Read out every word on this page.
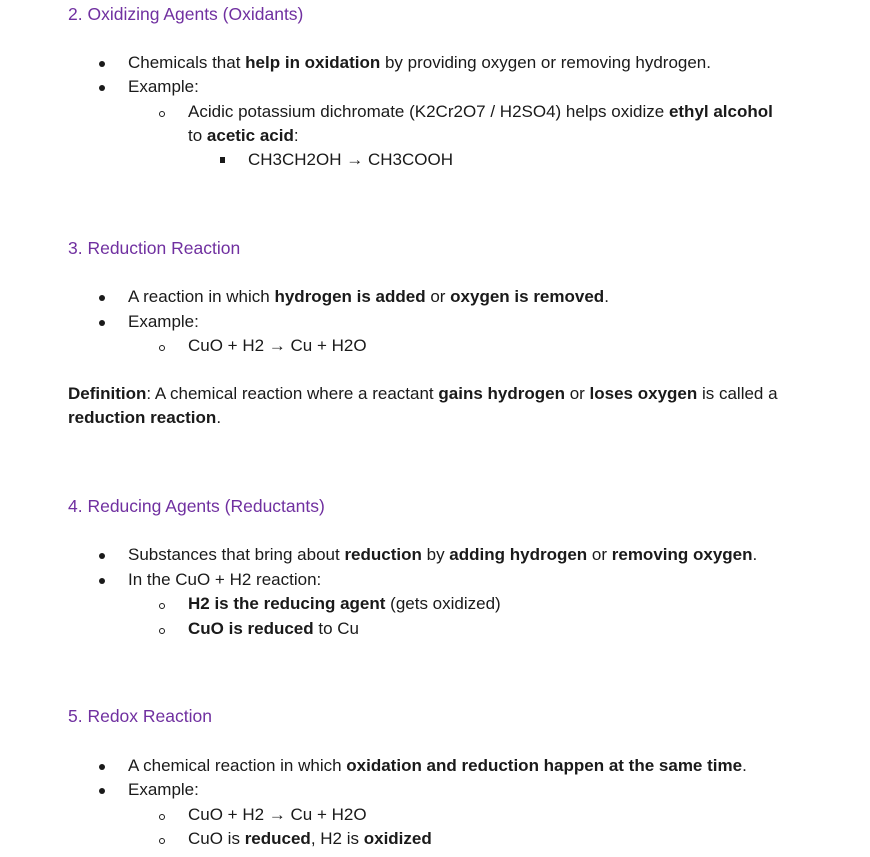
2. Oxidizing Agents (Oxidants)
Chemicals that help in oxidation by providing oxygen or removing hydrogen.
Example:
Acidic potassium dichromate (K2Cr2O7 / H2SO4) helps oxidize ethyl alcohol
to acetic acid:
CH3CH2OH → CH3COOH
3. Reduction Reaction
A reaction in which hydrogen is added or oxygen is removed.
Example:
CuO + H2 → Cu + H2O
Definition: A chemical reaction where a reactant gains hydrogen or loses oxygen is called a
reduction reaction.
4. Reducing Agents (Reductants)
Substances that bring about reduction by adding hydrogen or removing oxygen.
In the CuO + H2 reaction:
H2 is the reducing agent (gets oxidized)
CuO is reduced to Cu
5. Redox Reaction
A chemical reaction in which oxidation and reduction happen at the same time.
Example:
CuO + H2 → Cu + H2O
CuO is reduced, H2 is oxidized
